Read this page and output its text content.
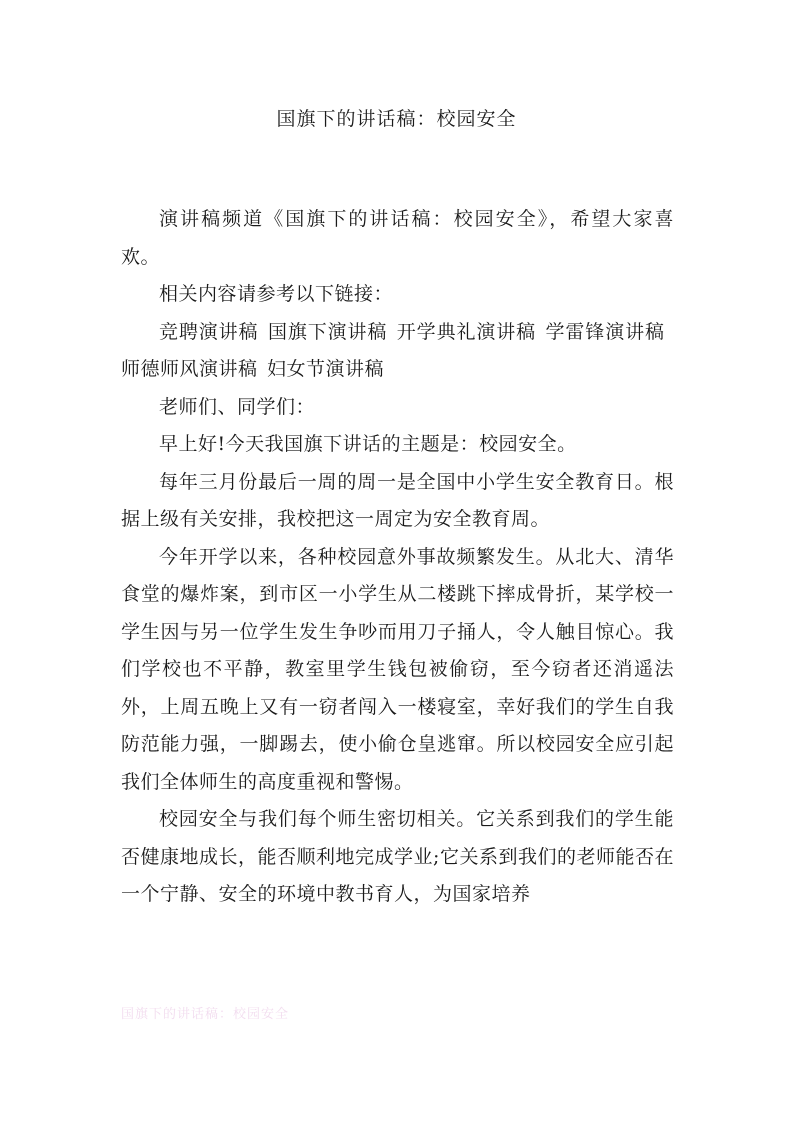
国旗下的讲话稿：校园安全

演讲稿频道《国旗下的讲话稿：校园安全》，希望大家喜欢。

相关内容请参考以下链接：

竞聘演讲稿 国旗下演讲稿 开学典礼演讲稿 学雷锋演讲稿师德师风演讲稿 妇女节演讲稿

老师们、同学们：

早上好!今天我国旗下讲话的主题是：校园安全。

每年三月份最后一周的周一是全国中小学生安全教育日。根据上级有关安排，我校把这一周定为安全教育周。

今年开学以来，各种校园意外事故频繁发生。从北大、清华食堂的爆炸案，到市区一小学生从二楼跳下摔成骨折，某学校一学生因与另一位学生发生争吵而用刀子捅人，令人触目惊心。我们学校也不平静，教室里学生钱包被偷窃，至今窃者还消遥法外，上周五晚上又有一窃者闯入一楼寝室，幸好我们的学生自我防范能力强，一脚踢去，使小偷仓皇逃窜。所以校园安全应引起我们全体师生的高度重视和警惕。

校园安全与我们每个师生密切相关。它关系到我们的学生能否健康地成长，能否顺利地完成学业;它关系到我们的老师能否在一个宁静、安全的环境中教书育人，为国家培养

国旗下的讲话稿：校园安全
